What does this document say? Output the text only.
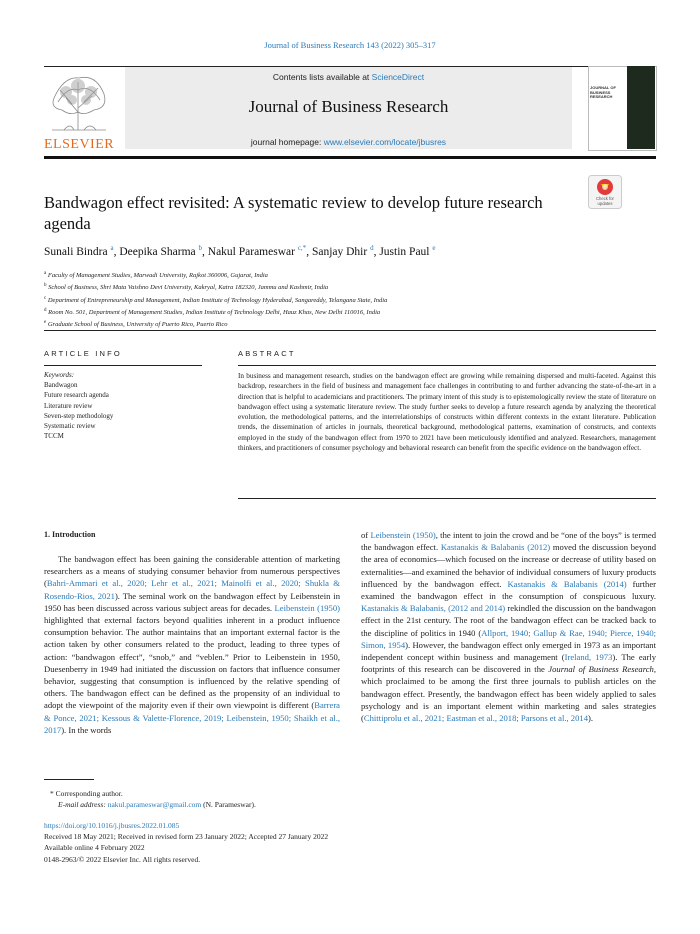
Journal of Business Research 143 (2022) 305–317
ELSEVIER
Contents lists available at ScienceDirect
Journal of Business Research
journal homepage: www.elsevier.com/locate/jbusres
JOURNAL OF BUSINESS RESEARCH
Bandwagon effect revisited: A systematic review to develop future research agenda
Check for
updates
Sunali Bindra $^a$, Deepika Sharma $^b$, Nakul Parameswar $^{c,*}$, Sanjay Dhir $^d$, Justin Paul $^e$
$^a$ Faculty of Management Studies, Marwadi University, Rajkot 360006, Gujarat, India
$^b$ School of Business, Shri Mata Vaishno Devi University, Kakryal, Katra 182320, Jammu and Kashmir, India
$^c$ Department of Entrepreneurship and Management, Indian Institute of Technology Hyderabad, Sangareddy, Telangana State, India
$^d$ Room No. 501, Department of Management Studies, Indian Institute of Technology Delhi, Hauz Khas, New Delhi 110016, India
$^e$ Graduate School of Business, University of Puerto Rico, Puerto Rico
ARTICLE INFO	ABSTRACT
Keywords:
Bandwagon
Future research agenda
Literature review
Seven-step methodology
Systematic review
TCCM
In business and management research, studies on the bandwagon effect are growing while remaining dispersed and multi-faceted. Against this backdrop, researchers in the field of business and management face challenges in contributing to and further advancing the state-of-the-art in a direction that is helpful to academicians and practitioners. The primary intent of this study is to epistemologically review the state of literature on bandwagon effect using a systematic literature review. The study further seeks to develop a future research agenda by analyzing the theoretical evolution, the methodological patterns, and the interrelationships of constructs within different contexts in the extant literature. Publication trends, the dissemination of articles in journals, theoretical background, methodological patterns, examination of constructs, and contexts employed in the study of the bandwagon effect from 1970 to 2021 have been meticulously identified and analyzed. Researchers, management thinkers, and practitioners of consumer psychology and behavioral research can benefit from the specific evidence on the bandwagon effect.
1. Introduction

The bandwagon effect has been gaining the considerable attention of marketing researchers as a means of studying consumer behavior from numerous perspectives (Bahri-Ammari et al., 2020; Lehr et al., 2021; Mainolfi et al., 2020; Shukla & Rosendo-Rios, 2021). The seminal work on the bandwagon effect by Leibenstein in 1950 has been discussed across various subject areas for decades. Leibenstein (1950) highlighted that external factors beyond qualities inherent in a product influence consumption behavior. The author maintains that an important external factor is the action taken by other consumers related to the product, leading to three types of action: “bandwagon effect”, “snob,” and “veblen.” Prior to Leibenstein in 1950, Duesenberry in 1949 had initiated the discussion on factors that influence consumer behavior, suggesting that consumption is influenced by the relative spending of others. The bandwagon effect can be defined as the propensity of an individual to adopt the viewpoint of the majority even if their own viewpoint is different (Barrera & Ponce, 2021; Kessous & Valette-Florence, 2019; Leibenstein, 1950; Shaikh et al., 2017). In the words

of Leibenstein (1950), the intent to join the crowd and be “one of the boys” is termed the bandwagon effect. Kastanakis & Balabanis (2012) moved the discussion beyond the area of economics—which focused on the increase or decrease of utility based on externalities—and examined the behavior of individual consumers of luxury products influenced by the bandwagon effect. Kastanakis & Balabanis (2014) further examined the bandwagon effect in the consumption of conspicuous luxury. Kastanakis & Balabanis, (2012 and 2014) rekindled the discussion on the bandwagon effect in the 21st century. The root of the bandwagon effect can be tracked back to the discipline of politics in 1940 (Allport, 1940; Gallup & Rae, 1940; Pierce, 1940; Simon, 1954). However, the bandwagon effect only emerged in 1973 as an important independent concept within business and management (Ireland, 1973). The early footprints of this research can be discovered in the Journal of Business Research, which proclaimed to be among the first three journals to publish articles on the bandwagon effect. Presently, the bandwagon effect has been widely applied to sales psychology and is an important element within marketing and sales strategies (Chittiprolu et al., 2021; Eastman et al., 2018; Parsons et al., 2014).

* Corresponding author.
E-mail address: nakul.parameswar@gmail.com (N. Parameswar).
https://doi.org/10.1016/j.jbusres.2022.01.085
Received 18 May 2021; Received in revised form 23 January 2022; Accepted 27 January 2022
Available online 4 February 2022
0148-2963/© 2022 Elsevier Inc. All rights reserved.
